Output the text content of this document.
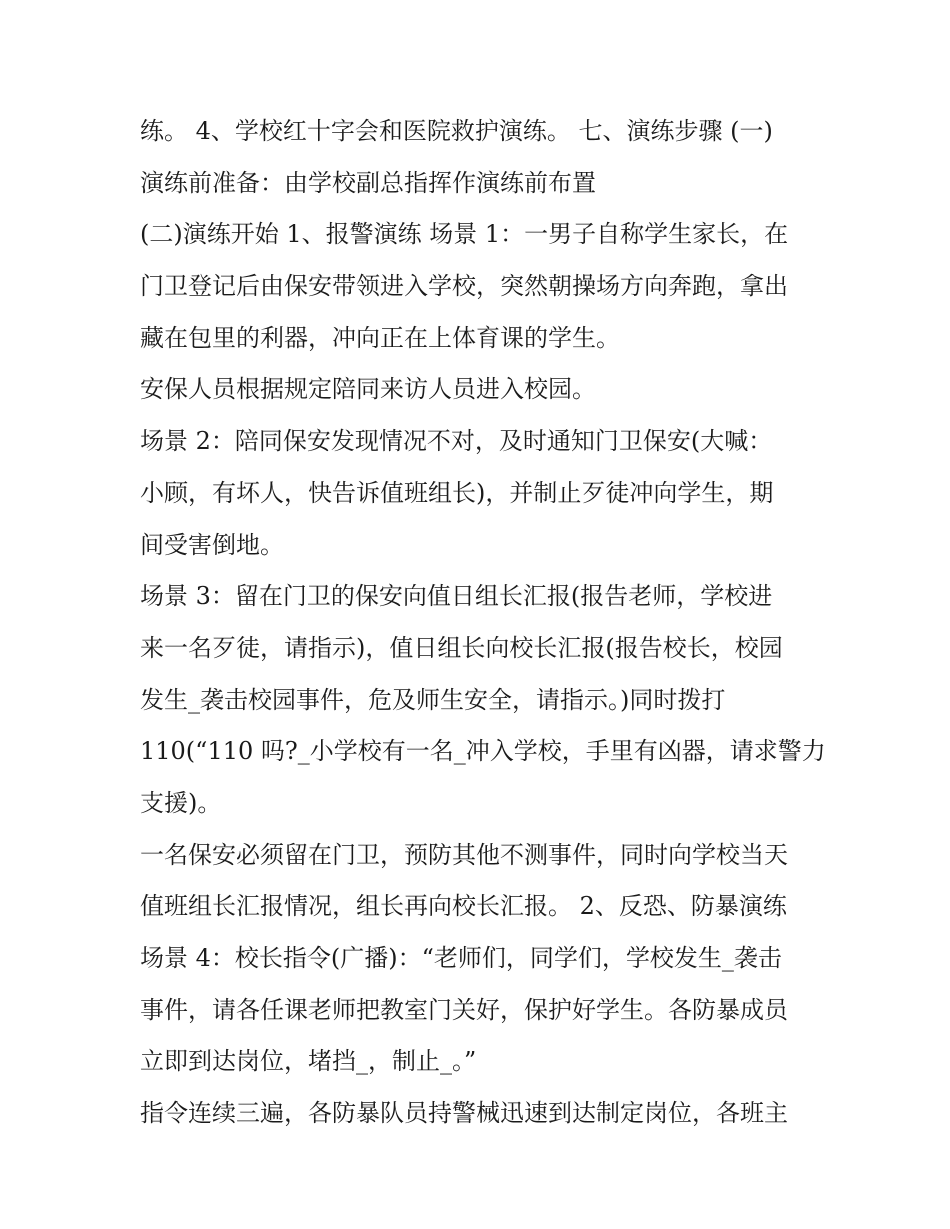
练。 4、学校红十字会和医院救护演练。 七、演练步骤 (一)
演练前准备：由学校副总指挥作演练前布置
(二)演练开始 1、报警演练 场景 1：一男子自称学生家长，在
门卫登记后由保安带领进入学校，突然朝操场方向奔跑，拿出
藏在包里的利器，冲向正在上体育课的学生。
安保人员根据规定陪同来访人员进入校园。
场景 2：陪同保安发现情况不对，及时通知门卫保安(大喊：
小顾，有坏人，快告诉值班组长)，并制止歹徒冲向学生，期
间受害倒地。
场景 3：留在门卫的保安向值日组长汇报(报告老师，学校进
来一名歹徒，请指示)，值日组长向校长汇报(报告校长，校园
发生_袭击校园事件，危及师生安全，请指示。)同时拨打
110(“110 吗?_小学校有一名_冲入学校，手里有凶器，请求警力
支援)。
一名保安必须留在门卫，预防其他不测事件，同时向学校当天
值班组长汇报情况，组长再向校长汇报。 2、反恐、防暴演练
场景 4：校长指令(广播)：“老师们，同学们，学校发生_袭击
事件，请各任课老师把教室门关好，保护好学生。各防暴成员
立即到达岗位，堵挡_，制止_。”
指令连续三遍，各防暴队员持警械迅速到达制定岗位，各班主
